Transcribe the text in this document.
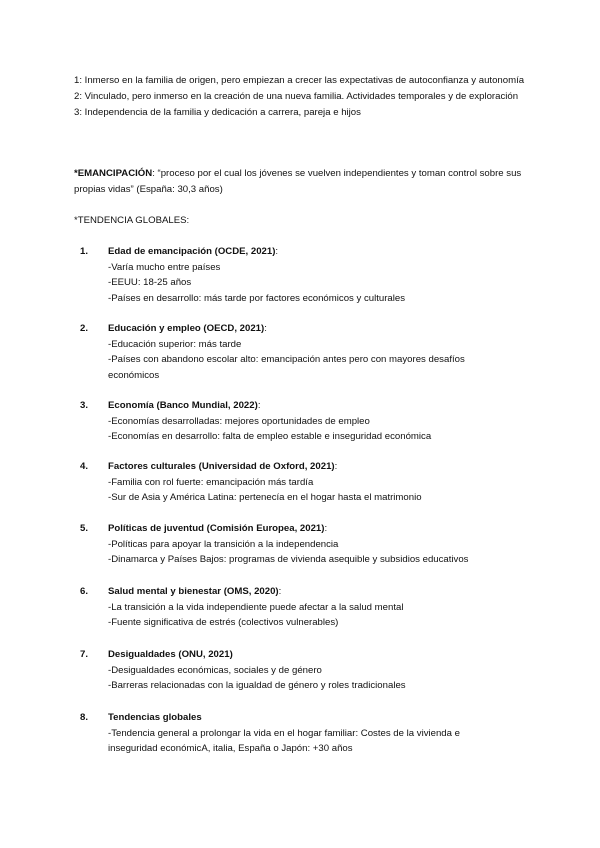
1: Inmerso en la familia de origen, pero empiezan a crecer las expectativas de autoconfianza y autonomía

2: Vinculado, pero inmerso en la creación de una nueva familia. Actividades temporales y de exploración

3: Independencia de la familia y dedicación a carrera, pareja e hijos

*EMANCIPACIÓN: “proceso por el cual los jóvenes se vuelven independientes y toman control sobre sus propias vidas” (España: 30,3 años)

*TENDENCIA GLOBALES:

1. Edad de emancipación (OCDE, 2021):
-Varía mucho entre países
-EEUU: 18-25 años
-Países en desarrollo: más tarde por factores económicos y culturales
2. Educación y empleo (OECD, 2021):
-Educación superior: más tarde
-Países con abandono escolar alto: emancipación antes pero con mayores desafíos económicos
3. Economía (Banco Mundial, 2022):
-Economías desarrolladas: mejores oportunidades de empleo
-Economías en desarrollo: falta de empleo estable e inseguridad económica
4. Factores culturales (Universidad de Oxford, 2021):
-Familia con rol fuerte: emancipación más tardía
-Sur de Asia y América Latina: pertenecía en el hogar hasta el matrimonio
5. Políticas de juventud (Comisión Europea, 2021):
-Políticas para apoyar la transición a la independencia
-Dinamarca y Países Bajos: programas de vivienda asequible y subsidios educativos
6. Salud mental y bienestar (OMS, 2020):
-La transición a la vida independiente puede afectar a la salud mental
-Fuente significativa de estrés (colectivos vulnerables)
7. Desigualdades (ONU, 2021)
-Desigualdades económicas, sociales y de género
-Barreras relacionadas con la igualdad de género y roles tradicionales
8. Tendencias globales
-Tendencia general a prolongar la vida en el hogar familiar: Costes de la vivienda e inseguridad económicA, italia, España o Japón: +30 años
